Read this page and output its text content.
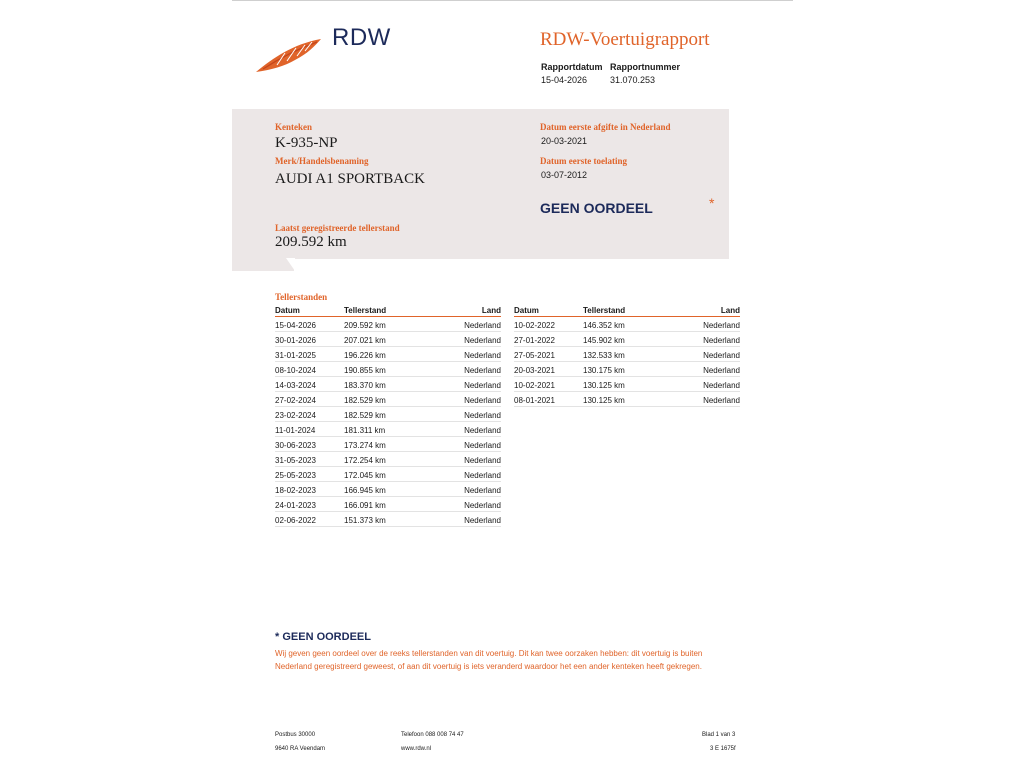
RDW	RDW-Voertuigrapport
Rapportdatum Rapportnummer
15-04-2026	31.070.253
Kenteken
K-935-NP
Merk/Handelsbenaming
AUDI A1 SPORTBACK
Laatst geregistreerde tellerstand
209.592 km
Datum eerste afgifte in Nederland
20-03-2021
Datum eerste toelating
03-07-2012
GEEN OORDEEL	*
Tellerstanden
Datum	Tellerstand	Land
15-04-2026	209.592 km	Nederland
30-01-2026	207.021 km	Nederland
31-01-2025	196.226 km	Nederland
08-10-2024	190.855 km	Nederland
14-03-2024	183.370 km	Nederland
27-02-2024	182.529 km	Nederland
23-02-2024	182.529 km	Nederland
11-01-2024	181.311 km	Nederland
30-06-2023	173.274 km	Nederland
31-05-2023	172.254 km	Nederland
25-05-2023	172.045 km	Nederland
18-02-2023	166.945 km	Nederland
24-01-2023	166.091 km	Nederland
02-06-2022	151.373 km	Nederland
Datum	Tellerstand	Land
10-02-2022	146.352 km	Nederland
27-01-2022	145.902 km	Nederland
27-05-2021	132.533 km	Nederland
20-03-2021	130.175 km	Nederland
10-02-2021	130.125 km	Nederland
08-01-2021	130.125 km	Nederland
* GEEN OORDEEL
Wij geven geen oordeel over de reeks tellerstanden van dit voertuig. Dit kan twee oorzaken hebben: dit voertuig is buiten Nederland geregistreerd geweest, of aan dit voertuig is iets veranderd waardoor het een ander kenteken heeft gekregen.
Postbus 30000
9640 RA Veendam
Telefoon 088 008 74 47
www.rdw.nl
Blad 1 van 3
3 E 1675f
